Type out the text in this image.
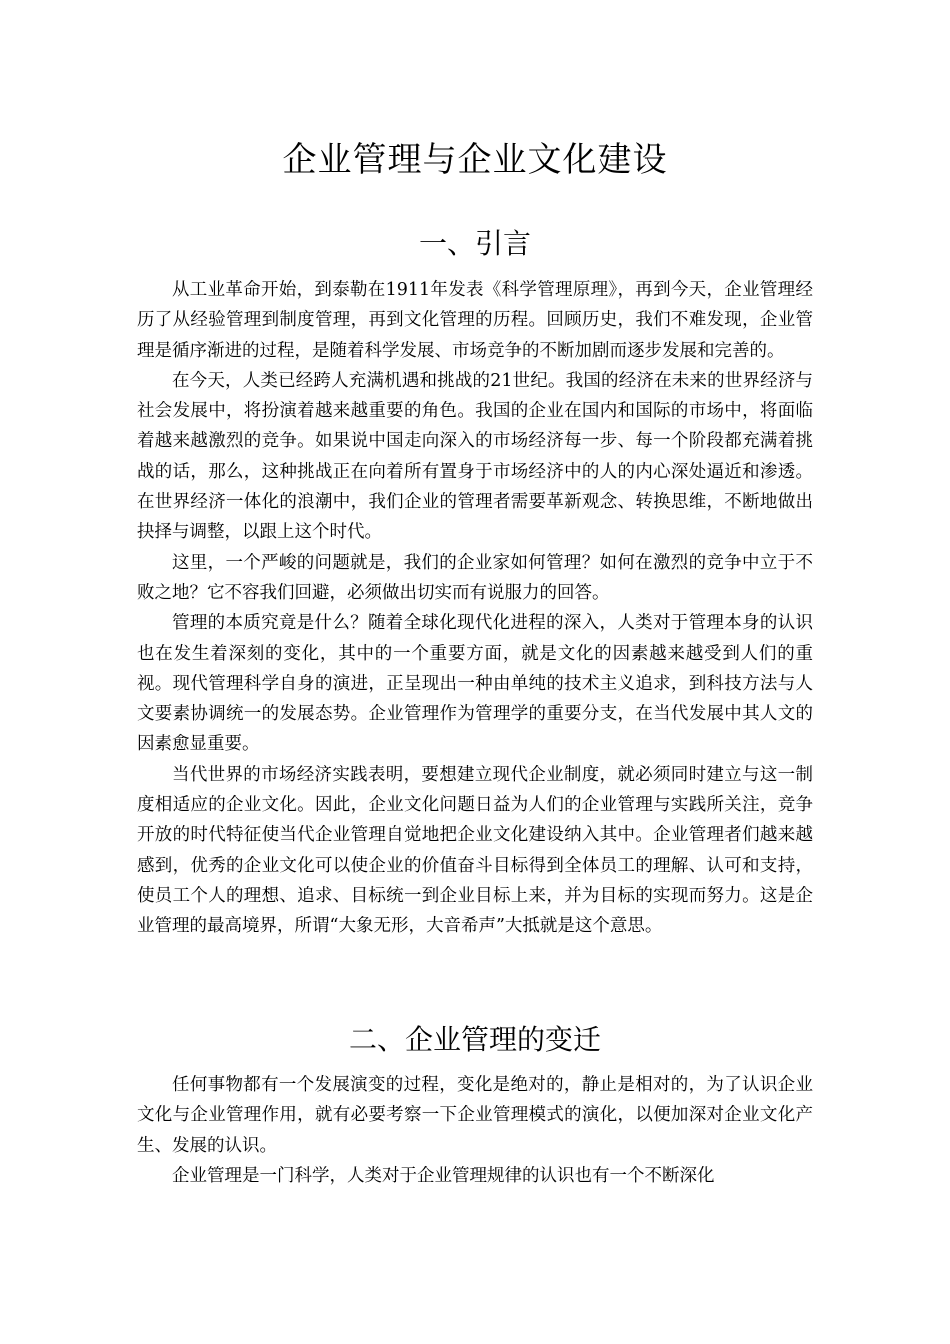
企业管理与企业文化建设
一、引言

从工业革命开始，到泰勒在1911年发表《科学管理原理》，再到今天，企业管理经历了从经验管理到制度管理，再到文化管理的历程。回顾历史，我们不难发现，企业管理是循序渐进的过程，是随着科学发展、市场竞争的不断加剧而逐步发展和完善的。

在今天，人类已经跨人充满机遇和挑战的21世纪。我国的经济在未来的世界经济与社会发展中，将扮演着越来越重要的角色。我国的企业在国内和国际的市场中，将面临着越来越激烈的竞争。如果说中国走向深入的市场经济每一步、每一个阶段都充满着挑战的话，那么，这种挑战正在向着所有置身于市场经济中的人的内心深处逼近和渗透。在世界经济一体化的浪潮中，我们企业的管理者需要革新观念、转换思维，不断地做出抉择与调整，以跟上这个时代。

这里，一个严峻的问题就是，我们的企业家如何管理？如何在激烈的竞争中立于不败之地？它不容我们回避，必须做出切实而有说服力的回答。

管理的本质究竟是什么？随着全球化现代化进程的深入，人类对于管理本身的认识也在发生着深刻的变化，其中的一个重要方面，就是文化的因素越来越受到人们的重视。现代管理科学自身的演进，正呈现出一种由单纯的技术主义追求，到科技方法与人文要素协调统一的发展态势。企业管理作为管理学的重要分支，在当代发展中其人文的因素愈显重要。

当代世界的市场经济实践表明，要想建立现代企业制度，就必须同时建立与这一制度相适应的企业文化。因此，企业文化问题日益为人们的企业管理与实践所关注，竞争开放的时代特征使当代企业管理自觉地把企业文化建设纳入其中。企业管理者们越来越感到，优秀的企业文化可以使企业的价值奋斗目标得到全体员工的理解、认可和支持，使员工个人的理想、追求、目标统一到企业目标上来，并为目标的实现而努力。这是企业管理的最高境界，所谓“大象无形，大音希声”大抵就是这个意思。

二、企业管理的变迁

任何事物都有一个发展演变的过程，变化是绝对的，静止是相对的，为了认识企业文化与企业管理作用，就有必要考察一下企业管理模式的演化，以便加深对企业文化产生、发展的认识。

企业管理是一门科学，人类对于企业管理规律的认识也有一个不断深化
